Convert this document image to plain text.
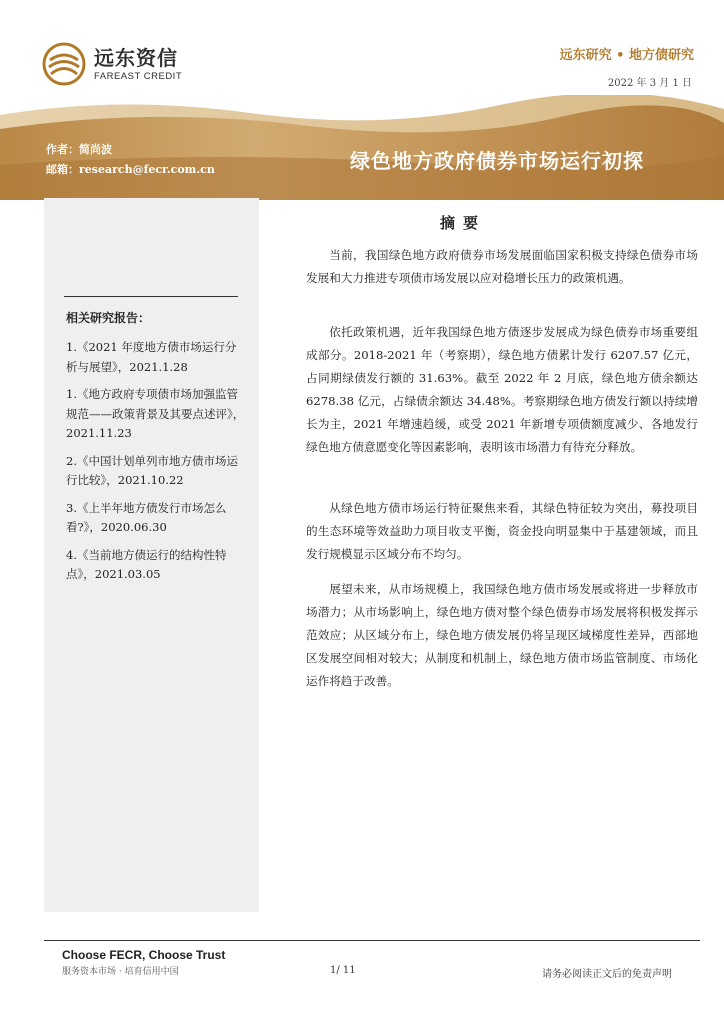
远东资信
FAREAST CREDIT
远东研究 • 地方债研究
2022 年 3 月 1 日
作者：简尚波
邮箱：research@fecr.com.cn	绿色地方政府债券市场运行初探
相关研究报告：
1.《2021 年度地方债市场运行分析与展望》，2021.1.28
1.《地方政府专项债市场加强监管规范——政策背景及其要点述评》，2021.11.23
2.《中国计划单列市地方债市场运行比较》，2021.10.22
3.《上半年地方债发行市场怎么看?》，2020.06.30
4.《当前地方债运行的结构性特点》，2021.03.05
摘要

当前，我国绿色地方政府债券市场发展面临国家积极支持绿色债券市场发展和大力推进专项债市场发展以应对稳增长压力的政策机遇。

依托政策机遇，近年我国绿色地方债逐步发展成为绿色债券市场重要组成部分。2018-2021 年（考察期），绿色地方债累计发行 6207.57 亿元，占同期绿债发行额的 31.63%。截至 2022 年 2 月底，绿色地方债余额达 6278.38 亿元，占绿债余额达 34.48%。考察期绿色地方债发行额以持续增长为主，2021 年增速趋缓，或受 2021 年新增专项债额度减少、各地发行绿色地方债意愿变化等因素影响，表明该市场潜力有待充分释放。

从绿色地方债市场运行特征聚焦来看，其绿色特征较为突出，募投项目的生态环境等效益助力项目收支平衡，资金投向明显集中于基建领域，而且发行规模显示区域分布不均匀。

展望未来，从市场规模上，我国绿色地方债市场发展或将进一步释放市场潜力；从市场影响上，绿色地方债对整个绿色债券市场发展将积极发挥示范效应；从区域分布上，绿色地方债发展仍将呈现区域梯度性差异，西部地区发展空间相对较大；从制度和机制上，绿色地方债市场监管制度、市场化运作将趋于改善。

Choose FECR, Choose Trust
服务资本市场 · 培育信用中国	1/ 11	请务必阅读正文后的免责声明
